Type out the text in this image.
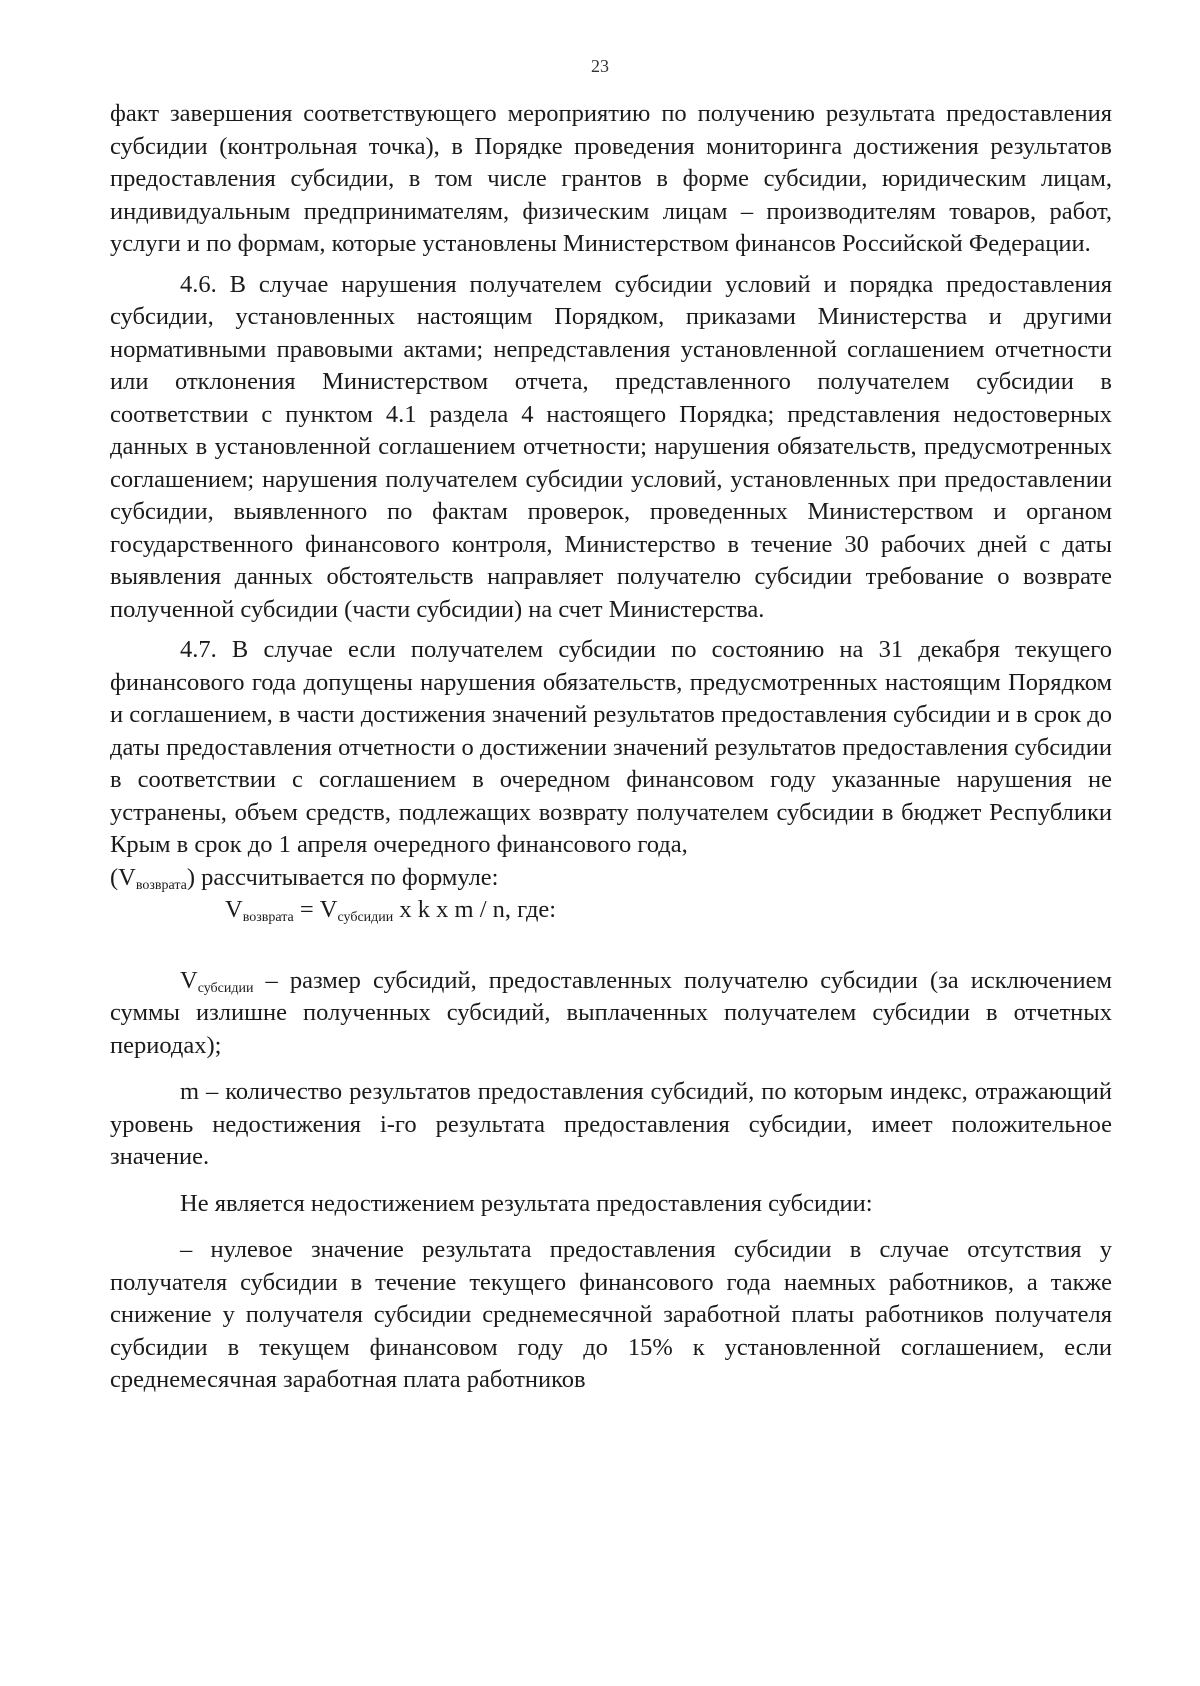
23

факт завершения соответствующего мероприятию по получению результата предоставления субсидии (контрольная точка), в Порядке проведения мониторинга достижения результатов предоставления субсидии, в том числе грантов в форме субсидии, юридическим лицам, индивидуальным предпринимателям, физическим лицам – производителям товаров, работ, услуги и по формам, которые установлены Министерством финансов Российской Федерации.

4.6. В случае нарушения получателем субсидии условий и порядка предоставления субсидии, установленных настоящим Порядком, приказами Министерства и другими нормативными правовыми актами; непредставления установленной соглашением отчетности или отклонения Министерством отчета, представленного получателем субсидии в соответствии с пунктом 4.1 раздела 4 настоящего Порядка; представления недостоверных данных в установленной соглашением отчетности; нарушения обязательств, предусмотренных соглашением; нарушения получателем субсидии условий, установленных при предоставлении субсидии, выявленного по фактам проверок, проведенных Министерством и органом государственного финансового контроля, Министерство в течение 30 рабочих дней с даты выявления данных обстоятельств направляет получателю субсидии требование о возврате полученной субсидии (части субсидии) на счет Министерства.

4.7. В случае если получателем субсидии по состоянию на 31 декабря текущего финансового года допущены нарушения обязательств, предусмотренных настоящим Порядком и соглашением, в части достижения значений результатов предоставления субсидии и в срок до даты предоставления отчетности о достижении значений результатов предоставления субсидии в соответствии с соглашением в очередном финансовом году указанные нарушения не устранены, объем средств, подлежащих возврату получателем субсидии в бюджет Республики Крым в срок до 1 апреля очередного финансового года,

$(V_{возврата})$ рассчитывается по формуле:

$V_{возврата} = V_{субсидии}$ x k x m / n, где:

$V_{субсидии}$ – размер субсидий, предоставленных получателю субсидии (за исключением суммы излишне полученных субсидий, выплаченных получателем субсидии в отчетных периодах);

m – количество результатов предоставления субсидий, по которым индекс, отражающий уровень недостижения i-го результата предоставления субсидии, имеет положительное значение.

Не является недостижением результата предоставления субсидии:

– нулевое значение результата предоставления субсидии в случае отсутствия у получателя субсидии в течение текущего финансового года наемных работников, а также снижение у получателя субсидии среднемесячной заработной платы работников получателя субсидии в текущем финансовом году до 15% к установленной соглашением, если среднемесячная заработная плата работников
